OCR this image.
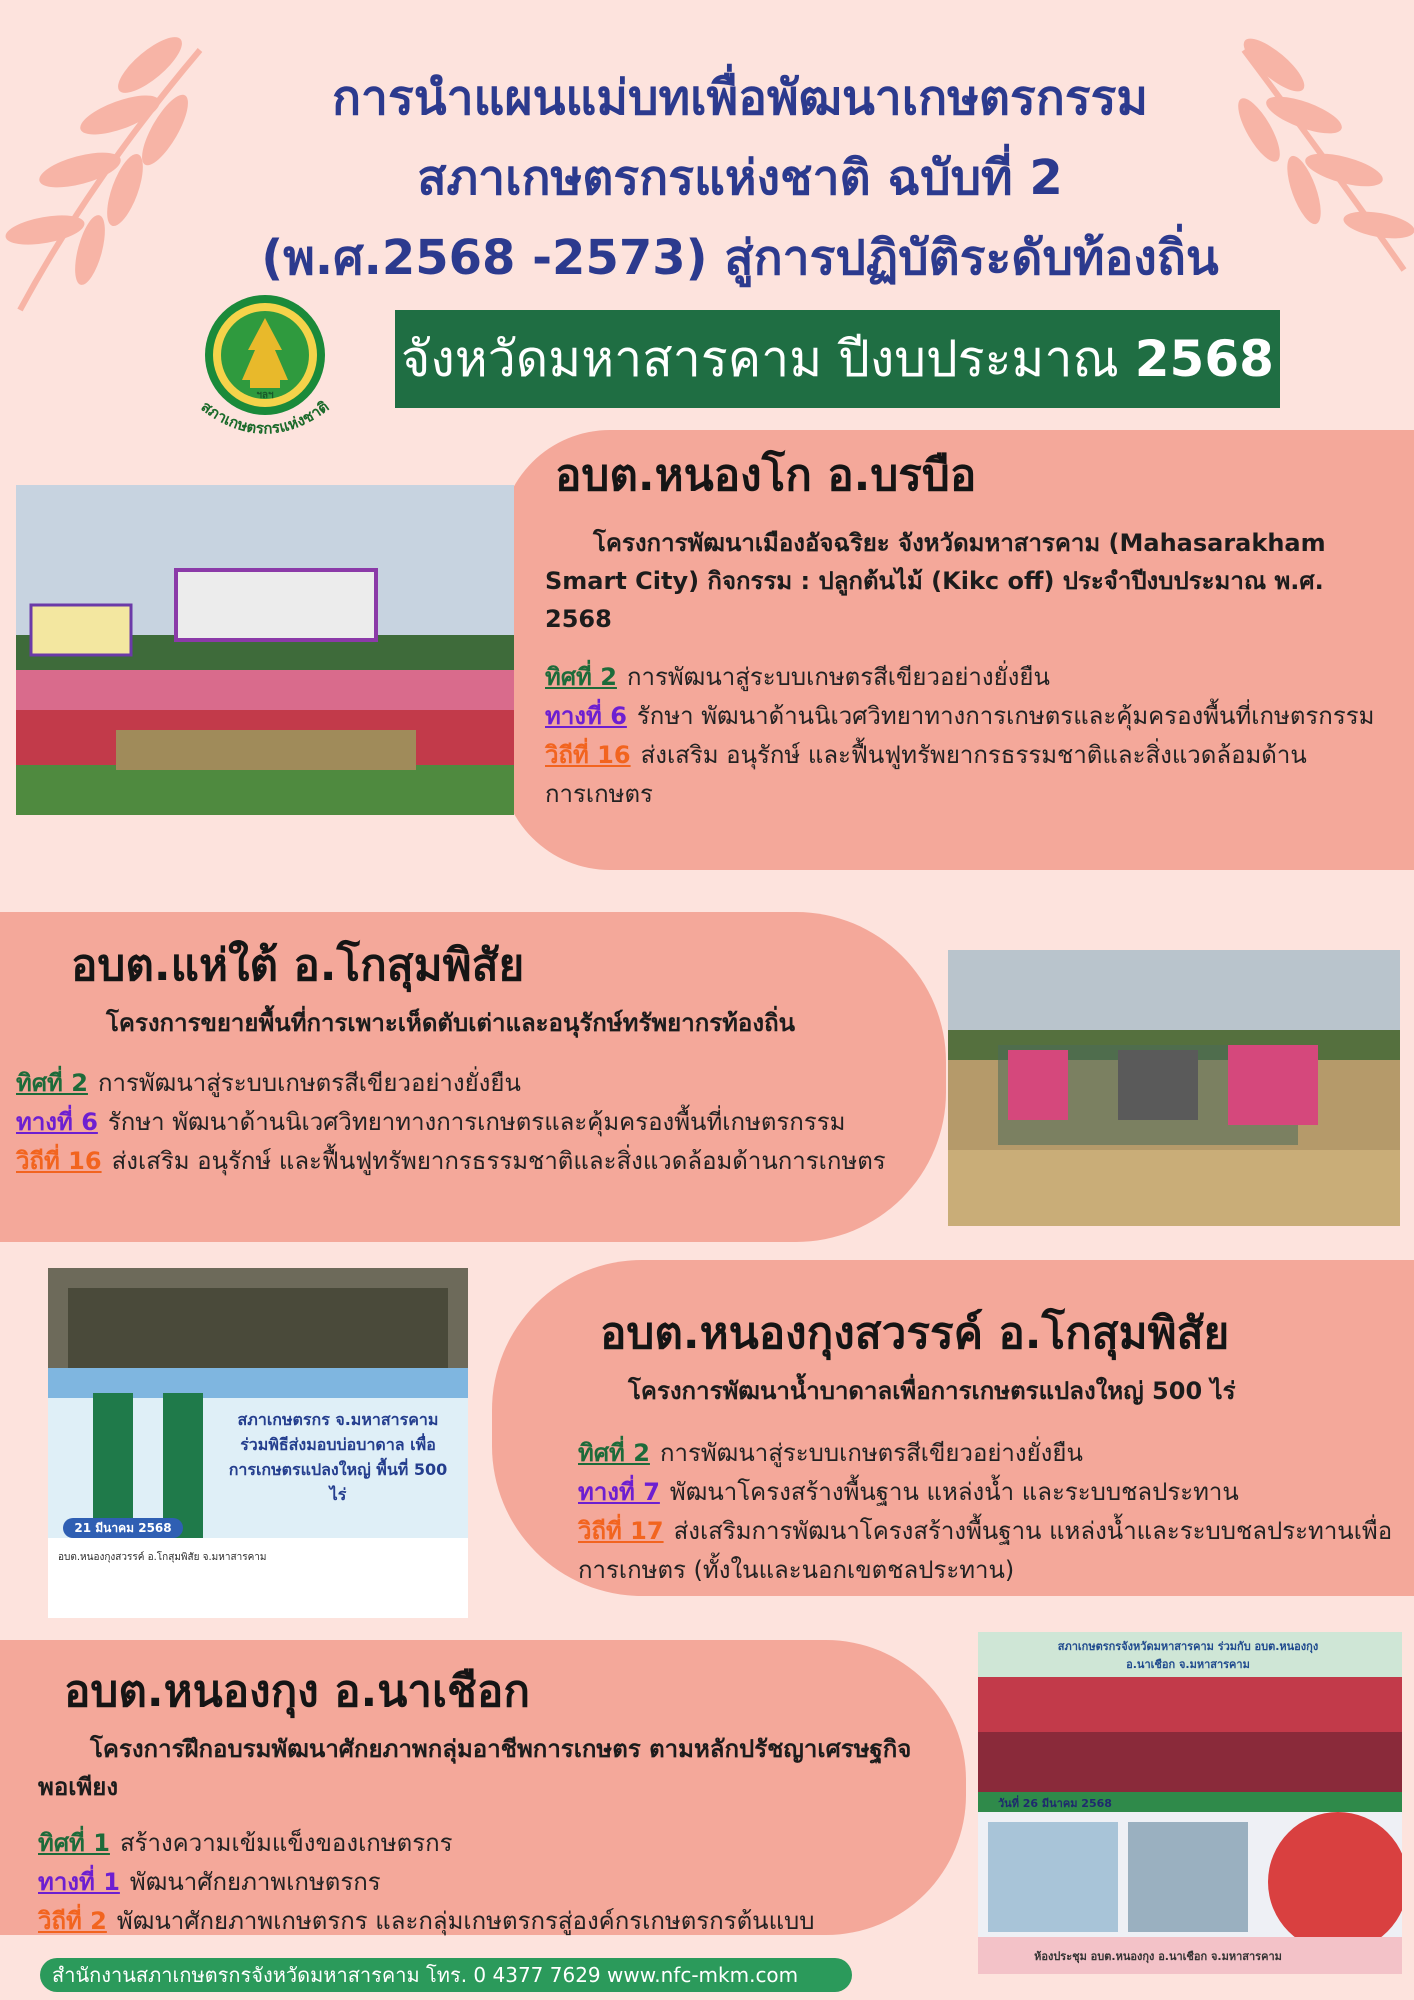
การนำแผนแม่บทเพื่อพัฒนาเกษตรกรรม
สภาเกษตรกรแห่งชาติ ฉบับที่ 2
(พ.ศ.2568 -2573) สู่การปฏิบัติระดับท้องถิ่น
ฯลฯ
สภาเกษตรกรแห่งชาติ
จังหวัดมหาสารคาม ปีงบประมาณ 2568
สภาเกษตรกร จ.มหาสารคาม ร่วมพิธีส่งมอบบ่อบาดาล เพื่อการเกษตรแปลงใหญ่ พื้นที่ 500 ไร่
21 มีนาคม 2568
อบต.หนองกุงสวรรค์ อ.โกสุมพิสัย จ.มหาสารคาม
สภาเกษตรกรจังหวัดมหาสารคาม ร่วมกับ อบต.หนองกุง อ.นาเชือก จ.มหาสารคาม
วันที่ 26 มีนาคม 2568
ห้องประชุม อบต.หนองกุง อ.นาเชือก จ.มหาสารคาม
อบต.หนองโก อ.บรบือ
โครงการพัฒนาเมืองอัจฉริยะ จังหวัดมหาสารคาม (Mahasarakham Smart City) กิจกรรม : ปลูกต้นไม้ (Kikc off) ประจำปีงบประมาณ พ.ศ. 2568

ทิศที่ 2 การพัฒนาสู่ระบบเกษตรสีเขียวอย่างยั่งยืน

ทางที่ 6 รักษา พัฒนาด้านนิเวศวิทยาทางการเกษตรและคุ้มครองพื้นที่เกษตรกรรม

วิถีที่ 16 ส่งเสริม อนุรักษ์ และฟื้นฟูทรัพยากรธรรมชาติและสิ่งแวดล้อมด้านการเกษตร

อบต.แห่ใต้ อ.โกสุมพิสัย
โครงการขยายพื้นที่การเพาะเห็ดตับเต่าและอนุรักษ์ทรัพยากรท้องถิ่น

ทิศที่ 2 การพัฒนาสู่ระบบเกษตรสีเขียวอย่างยั่งยืน

ทางที่ 6 รักษา พัฒนาด้านนิเวศวิทยาทางการเกษตรและคุ้มครองพื้นที่เกษตรกรรม

วิถีที่ 16 ส่งเสริม อนุรักษ์ และฟื้นฟูทรัพยากรธรรมชาติและสิ่งแวดล้อมด้านการเกษตร

อบต.หนองกุงสวรรค์ อ.โกสุมพิสัย
โครงการพัฒนาน้ำบาดาลเพื่อการเกษตรแปลงใหญ่ 500 ไร่

ทิศที่ 2 การพัฒนาสู่ระบบเกษตรสีเขียวอย่างยั่งยืน

ทางที่ 7 พัฒนาโครงสร้างพื้นฐาน แหล่งน้ำ และระบบชลประทาน

วิถีที่ 17 ส่งเสริมการพัฒนาโครงสร้างพื้นฐาน แหล่งน้ำและระบบชลประทานเพื่อการเกษตร (ทั้งในและนอกเขตชลประทาน)

อบต.หนองกุง อ.นาเชือก
โครงการฝึกอบรมพัฒนาศักยภาพกลุ่มอาชีพการเกษตร ตามหลักปรัชญาเศรษฐกิจพอเพียง

ทิศที่ 1 สร้างความเข้มแข็งของเกษตรกร

ทางที่ 1 พัฒนาศักยภาพเกษตรกร

วิถีที่ 2 พัฒนาศักยภาพเกษตรกร และกลุ่มเกษตรกรสู่องค์กรเกษตรกรต้นแบบ

สำนักงานสภาเกษตรกรจังหวัดมหาสารคาม โทร. 0 4377 7629 www.nfc-mkm.com
